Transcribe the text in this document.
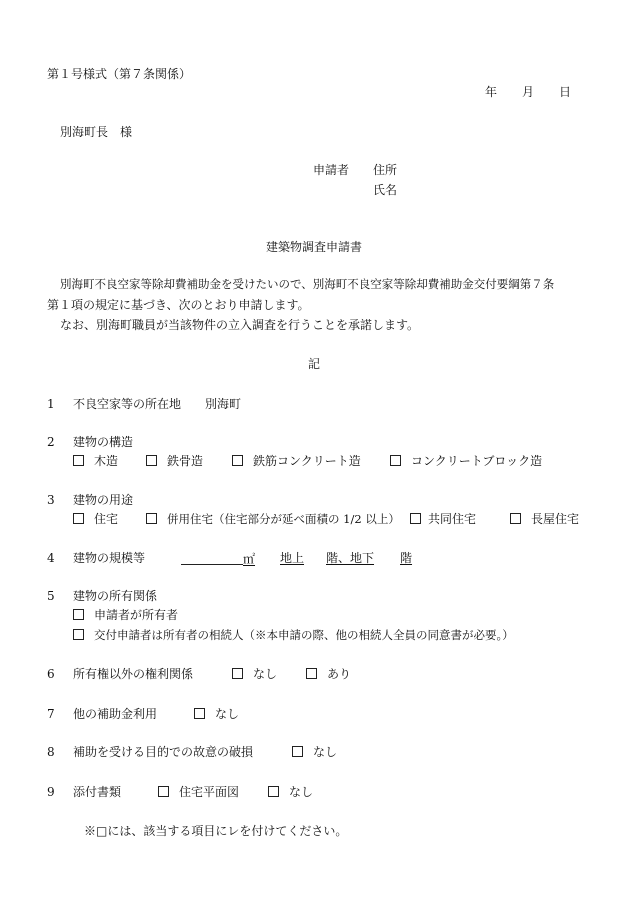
第１号様式（第７条関係）
年 月 日
別海町長　様
申請者 住所
氏名
建築物調査申請書
別海町不良空家等除却費補助金を受けたいので、別海町不良空家等除却費補助金交付要綱第７条
第１項の規定に基づき、次のとおり申請します。
なお、別海町職員が当該物件の立入調査を行うことを承諾します。
記
1 不良空家等の所在地 別海町
2 建物の構造
木造	鉄骨造	鉄筋コンクリート造	コンクリートブロック造
3 建物の用途
住宅	併用住宅（住宅部分が延べ面積の 1/2 以上）	共同住宅	長屋住宅
4 建物の規模等	㎡ 地上	階、地下 階
5 建物の所有関係
申請者が所有者
交付申請者は所有者の相続人（※本申請の際、他の相続人全員の同意書が必要。）
6 所有権以外の権利関係	なし	あり
7 他の補助金利用	なし
8 補助を受ける目的での故意の破損	なし
9 添付書類	住宅平面図	なし
※□には、該当する項目にレを付けてください。
